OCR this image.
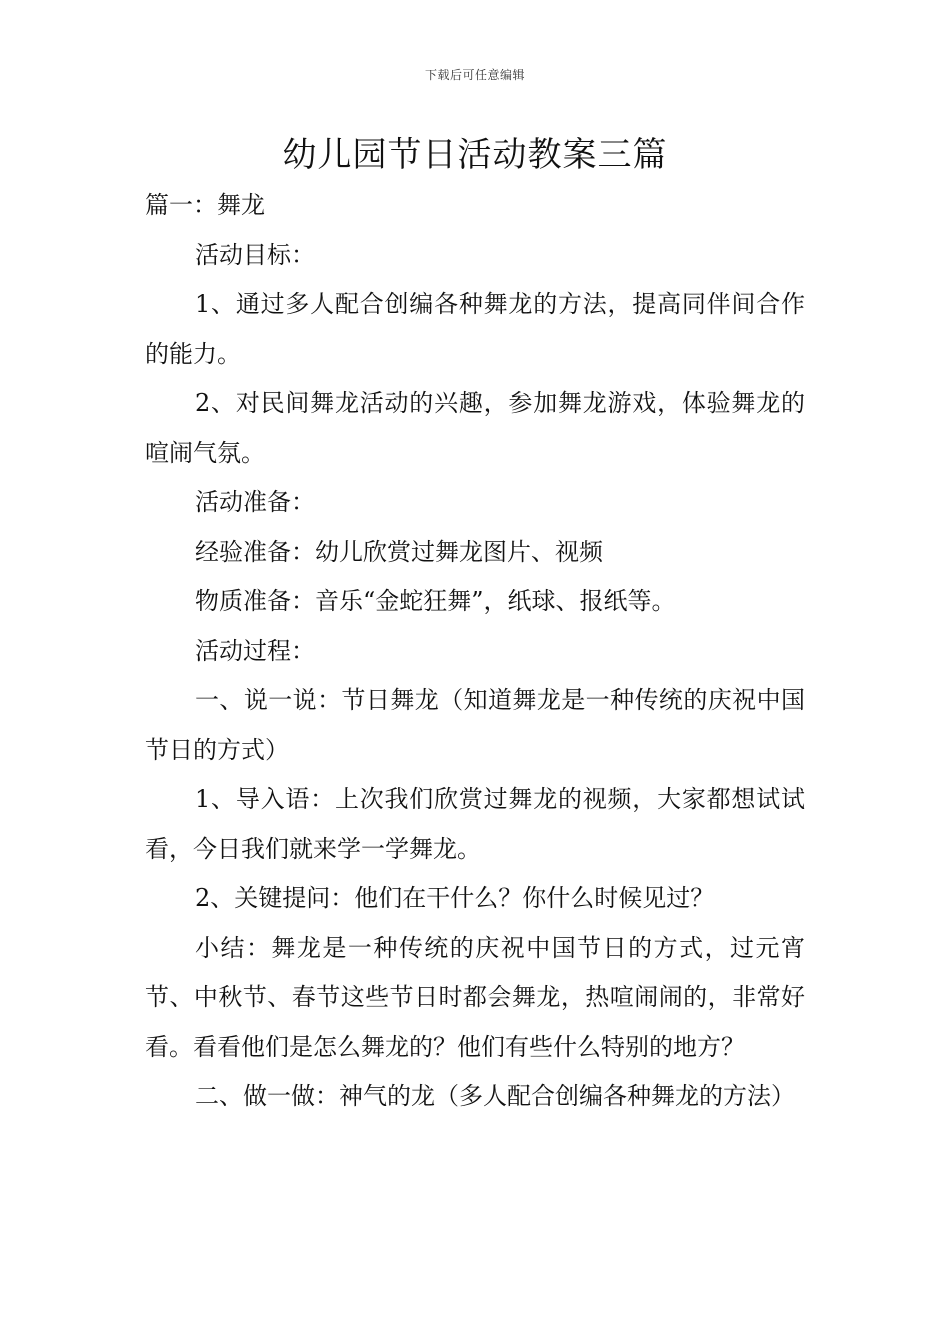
下载后可任意编辑
幼儿园节日活动教案三篇

篇一：舞龙

活动目标：

1、通过多人配合创编各种舞龙的方法，提高同伴间合作的能力。

2、对民间舞龙活动的兴趣，参加舞龙游戏，体验舞龙的喧闹气氛。

活动准备：

经验准备：幼儿欣赏过舞龙图片、视频

物质准备：音乐“金蛇狂舞”，纸球、报纸等。

活动过程：

一、说一说：节日舞龙（知道舞龙是一种传统的庆祝中国节日的方式）

1、导入语：上次我们欣赏过舞龙的视频，大家都想试试看，今日我们就来学一学舞龙。

2、关键提问：他们在干什么？你什么时候见过？

小结：舞龙是一种传统的庆祝中国节日的方式，过元宵节、中秋节、春节这些节日时都会舞龙，热喧闹闹的，非常好看。看看他们是怎么舞龙的？他们有些什么特别的地方？

二、做一做：神气的龙（多人配合创编各种舞龙的方法）
